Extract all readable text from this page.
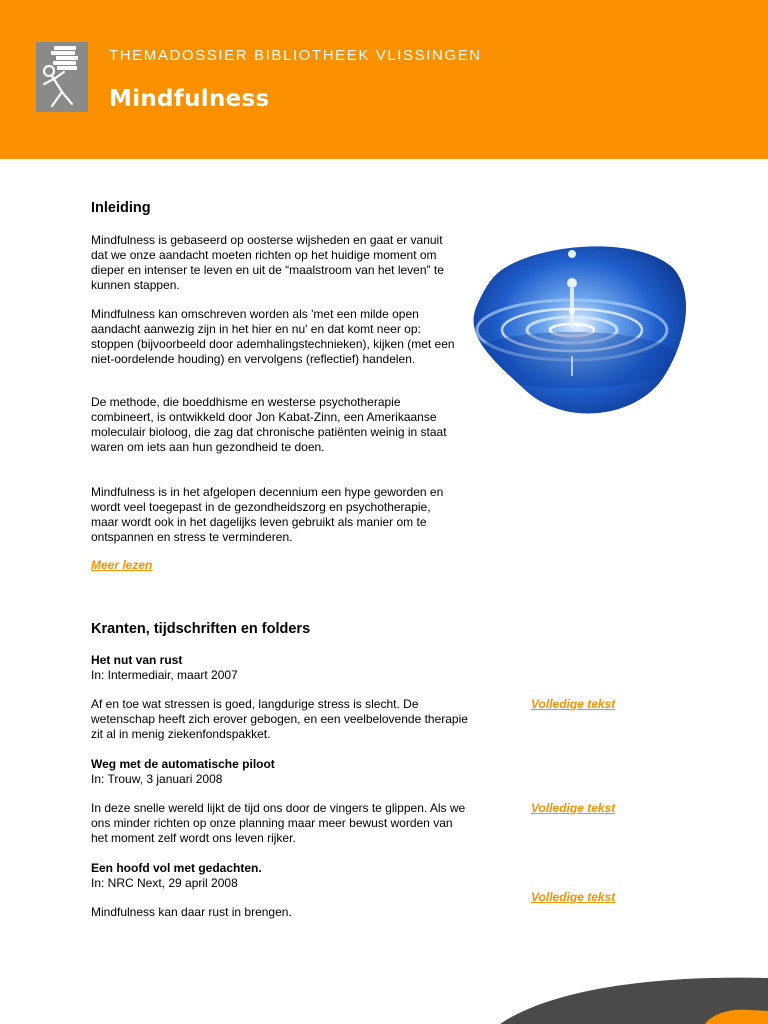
THEMADOSSIER BIBLIOTHEEK VLISSINGEN
Mindfulness
Inleiding

Mindfulness is gebaseerd op oosterse wijsheden en gaat er vanuit dat we onze aandacht moeten richten op het huidige moment om dieper en intenser te leven en uit de “maalstroom van het leven” te kunnen stappen.

Mindfulness kan omschreven worden als 'met een milde open aandacht aanwezig zijn in het hier en nu' en dat komt neer op: stoppen (bijvoorbeeld door ademhalingstechnieken), kijken (met een niet-oordelende houding) en vervolgens (reflectief) handelen.

De methode, die boeddhisme en westerse psychotherapie combineert, is ontwikkeld door Jon Kabat-Zinn, een Amerikaanse moleculair bioloog, die zag dat chronische patiënten weinig in staat waren om iets aan hun gezondheid te doen.

Mindfulness is in het afgelopen decennium een hype geworden en wordt veel toegepast in de gezondheidszorg en psychotherapie, maar wordt ook in het dagelijks leven gebruikt als manier om te ontspannen en stress te verminderen.

Meer lezen
Kranten, tijdschriften en folders
Het nut van rust
In: Intermediair, maart 2007

Af en toe wat stressen is goed, langdurige stress is slecht. De wetenschap heeft zich erover gebogen, en een veelbelovende therapie zit al in menig ziekenfondspakket.

Volledige tekst
Weg met de automatische piloot
In: Trouw, 3 januari 2008

In deze snelle wereld lijkt de tijd ons door de vingers te glippen. Als we ons minder richten op onze planning maar meer bewust worden van het moment zelf wordt ons leven rijker.

Volledige tekst
Een hoofd vol met gedachten.
In: NRC Next, 29 april 2008

Mindfulness kan daar rust in brengen.

Volledige tekst
